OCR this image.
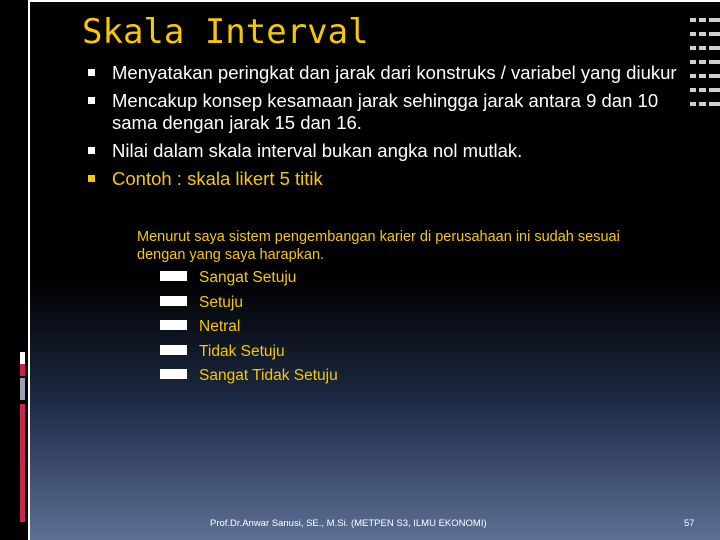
Skala Interval
Menyatakan peringkat dan jarak dari konstruks / variabel yang diukur
Mencakup konsep kesamaan jarak sehingga jarak antara 9 dan 10 sama dengan jarak 15 dan 16.
Nilai dalam skala interval bukan angka nol mutlak.
Contoh : skala likert 5 titik
Menurut saya sistem pengembangan karier di perusahaan ini sudah sesuai dengan yang saya harapkan.
Sangat Setuju
Setuju
Netral
Tidak Setuju
Sangat Tidak Setuju
Prof.Dr.Anwar Sanusi, SE., M.Si. (METPEN S3, ILMU EKONOMI)	57
